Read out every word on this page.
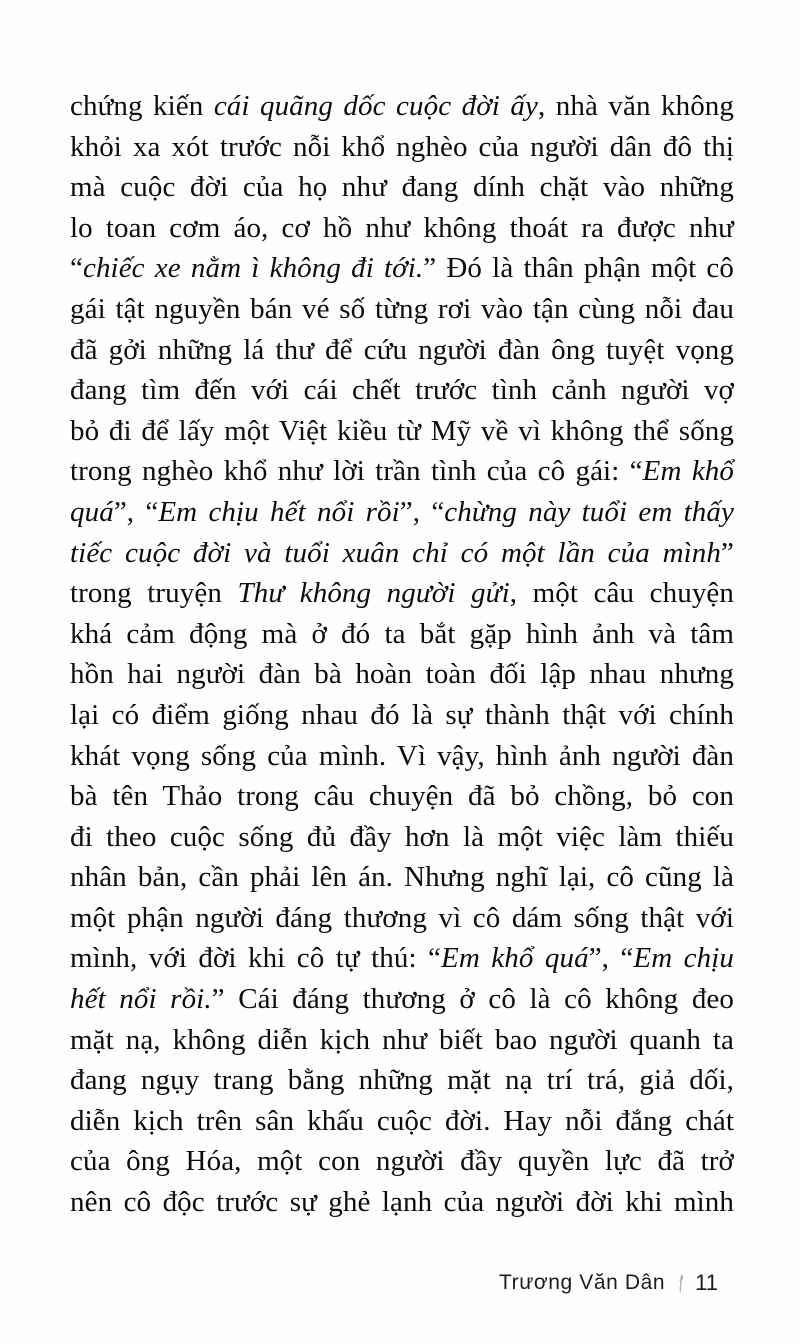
chứng kiến cái quãng dốc cuộc đời ấy, nhà văn không
khỏi xa xót trước nỗi khổ nghèo của người dân đô thị
mà cuộc đời của họ như đang dính chặt vào những
lo toan cơm áo, cơ hồ như không thoát ra được như
“chiếc xe nằm ì không đi tới.” Đó là thân phận một cô
gái tật nguyền bán vé số từng rơi vào tận cùng nỗi đau
đã gởi những lá thư để cứu người đàn ông tuyệt vọng
đang tìm đến với cái chết trước tình cảnh người vợ
bỏ đi để lấy một Việt kiều từ Mỹ về vì không thể sống
trong nghèo khổ như lời trần tình của cô gái: “Em khổ
quá”, “Em chịu hết nổi rồi”, “chừng này tuổi em thấy
tiếc cuộc đời và tuổi xuân chỉ có một lần của mình”
trong truyện Thư không người gửi, một câu chuyện
khá cảm động mà ở đó ta bắt gặp hình ảnh và tâm
hồn hai người đàn bà hoàn toàn đối lập nhau nhưng
lại có điểm giống nhau đó là sự thành thật với chính
khát vọng sống của mình. Vì vậy, hình ảnh người đàn
bà tên Thảo trong câu chuyện đã bỏ chồng, bỏ con
đi theo cuộc sống đủ đầy hơn là một việc làm thiếu
nhân bản, cần phải lên án. Nhưng nghĩ lại, cô cũng là
một phận người đáng thương vì cô dám sống thật với
mình, với đời khi cô tự thú: “Em khổ quá”, “Em chịu
hết nổi rồi.” Cái đáng thương ở cô là cô không đeo
mặt nạ, không diễn kịch như biết bao người quanh ta
đang ngụy trang bằng những mặt nạ trí trá, giả dối,
diễn kịch trên sân khấu cuộc đời. Hay nỗi đắng chát
của ông Hóa, một con người đầy quyền lực đã trở
nên cô độc trước sự ghẻ lạnh của người đời khi mình
Trương Văn Dân 11
